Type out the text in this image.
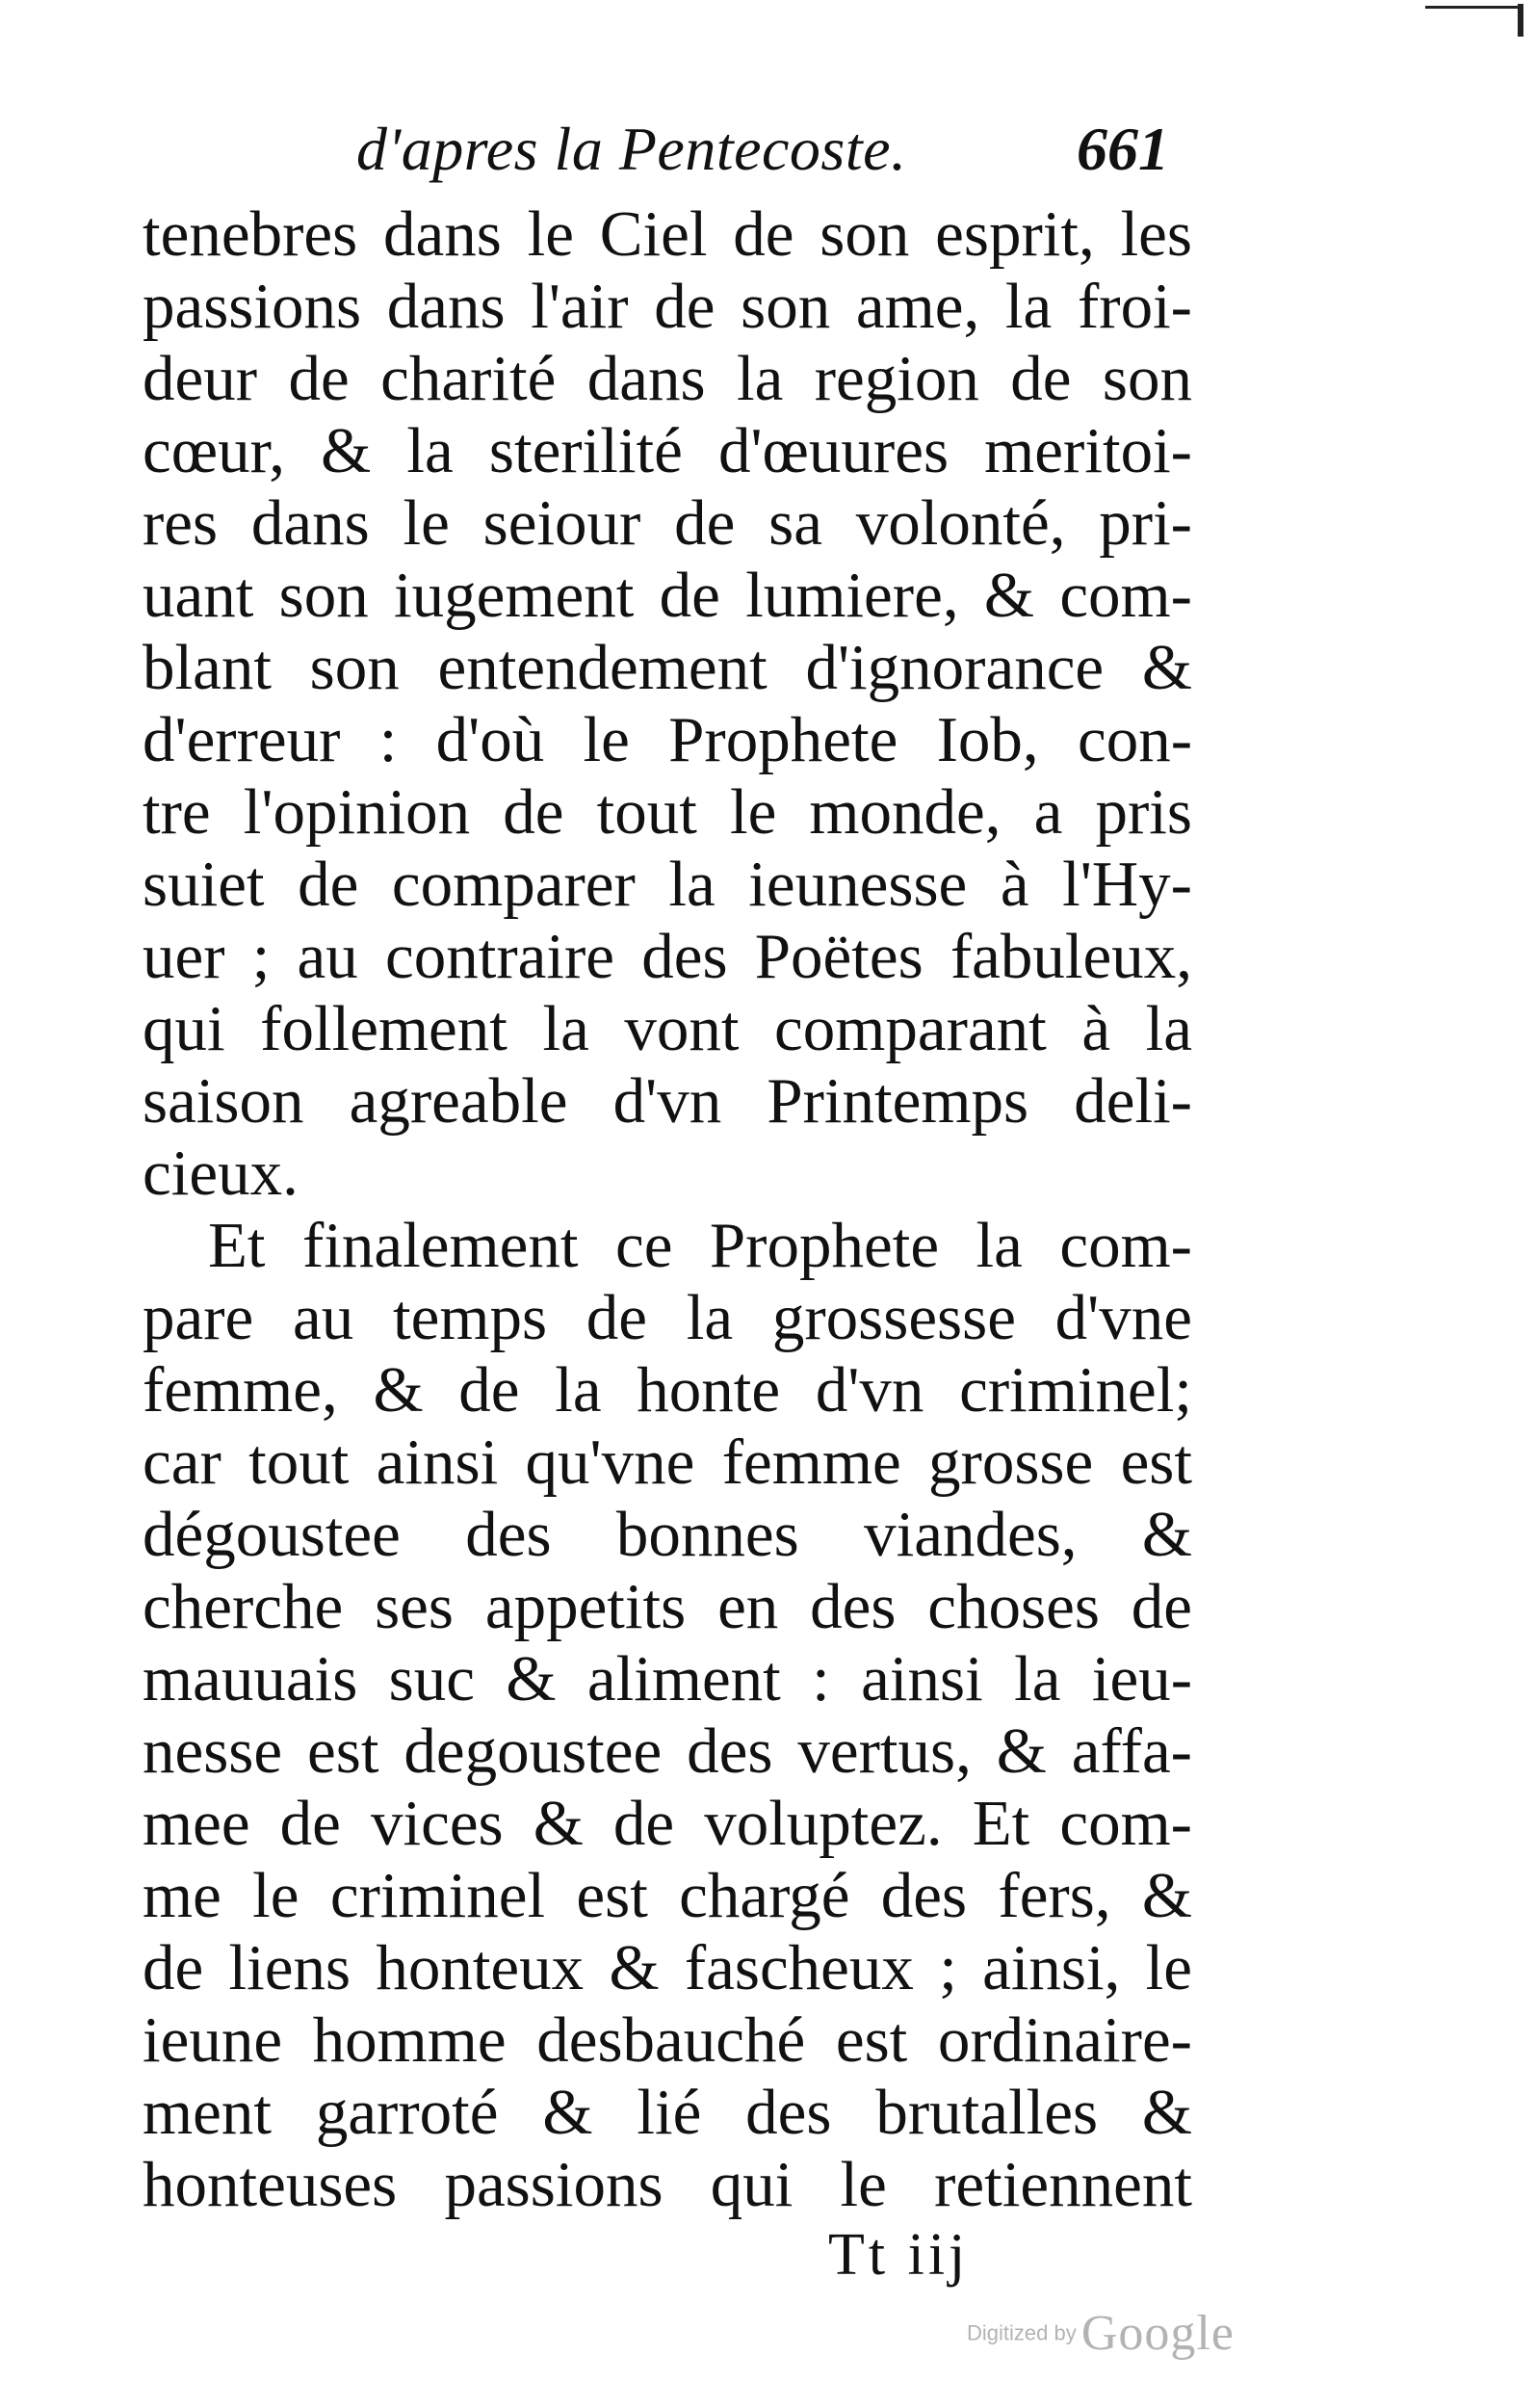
d'apres la Pentecoste.	661
tenebres dans le Ciel de son esprit, les
passions dans l'air de son ame, la froi-
deur de charité dans la region de son
cœur, & la sterilité d'œuures meritoi-
res dans le seiour de sa volonté, pri-
uant son iugement de lumiere, & com-
blant son entendement d'ignorance &
d'erreur : d'où le Prophete Iob, con-
tre l'opinion de tout le monde, a pris
suiet de comparer la ieunesse à l'Hy-
uer ; au contraire des Poëtes fabuleux,
qui follement la vont comparant à la
saison agreable d'vn Printemps deli-
cieux.
Et finalement ce Prophete la com-
pare au temps de la grossesse d'vne
femme, & de la honte d'vn criminel;
car tout ainsi qu'vne femme grosse est
dégoustee des bonnes viandes, &
cherche ses appetits en des choses de
mauuais suc & aliment : ainsi la ieu-
nesse est degoustee des vertus, & affa-
mee de vices & de voluptez. Et com-
me le criminel est chargé des fers, &
de liens honteux & fascheux ; ainsi, le
ieune homme desbauché est ordinaire-
ment garroté & lié des brutalles &
honteuses passions qui le retiennent
Tt iij
Digitized by Google
